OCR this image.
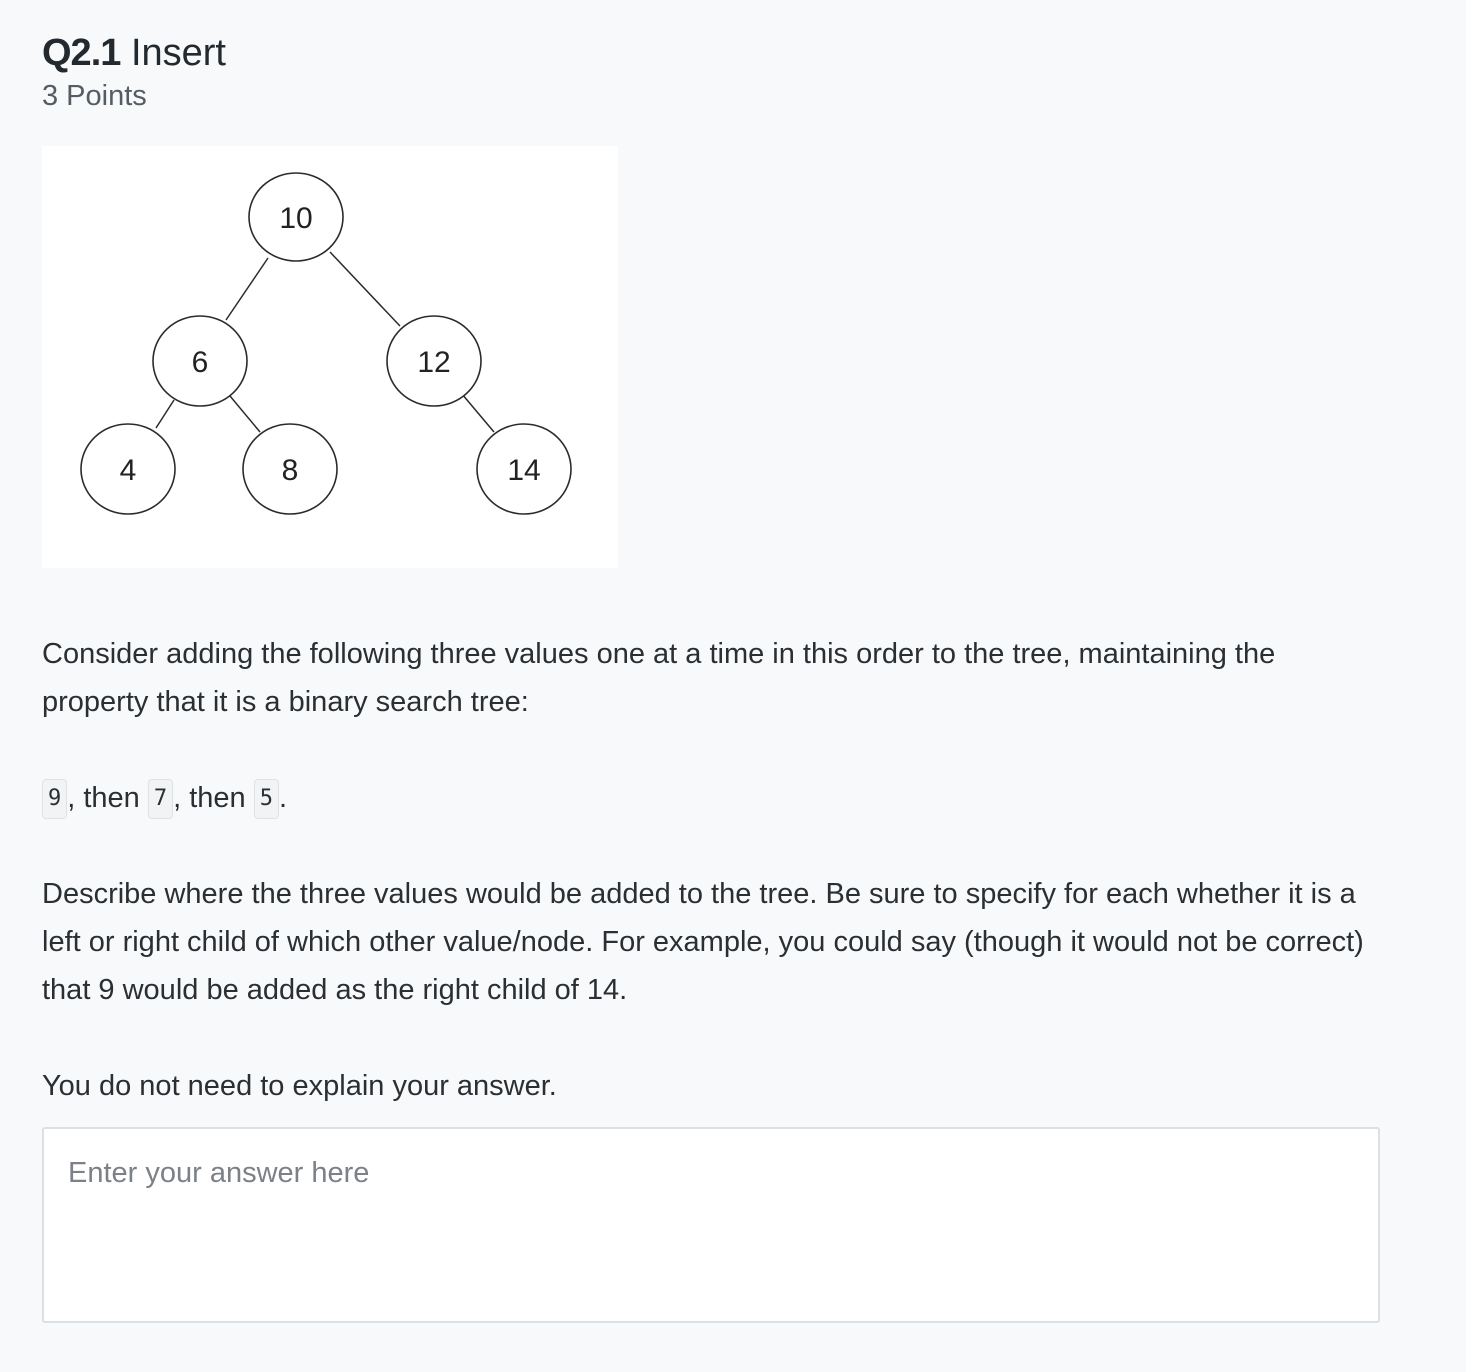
Q2.1 Insert
3 Points
10
6	12
4	8	14

Consider adding the following three values one at a time in this order to the tree, maintaining the property that it is a binary search tree:

9 , then 7 , then 5 .

Describe where the three values would be added to the tree. Be sure to specify for each whether it is a left or right child of which other value/node. For example, you could say (though it would not be correct) that 9 would be added as the right child of 14.

You do not need to explain your answer.

Enter your answer here
